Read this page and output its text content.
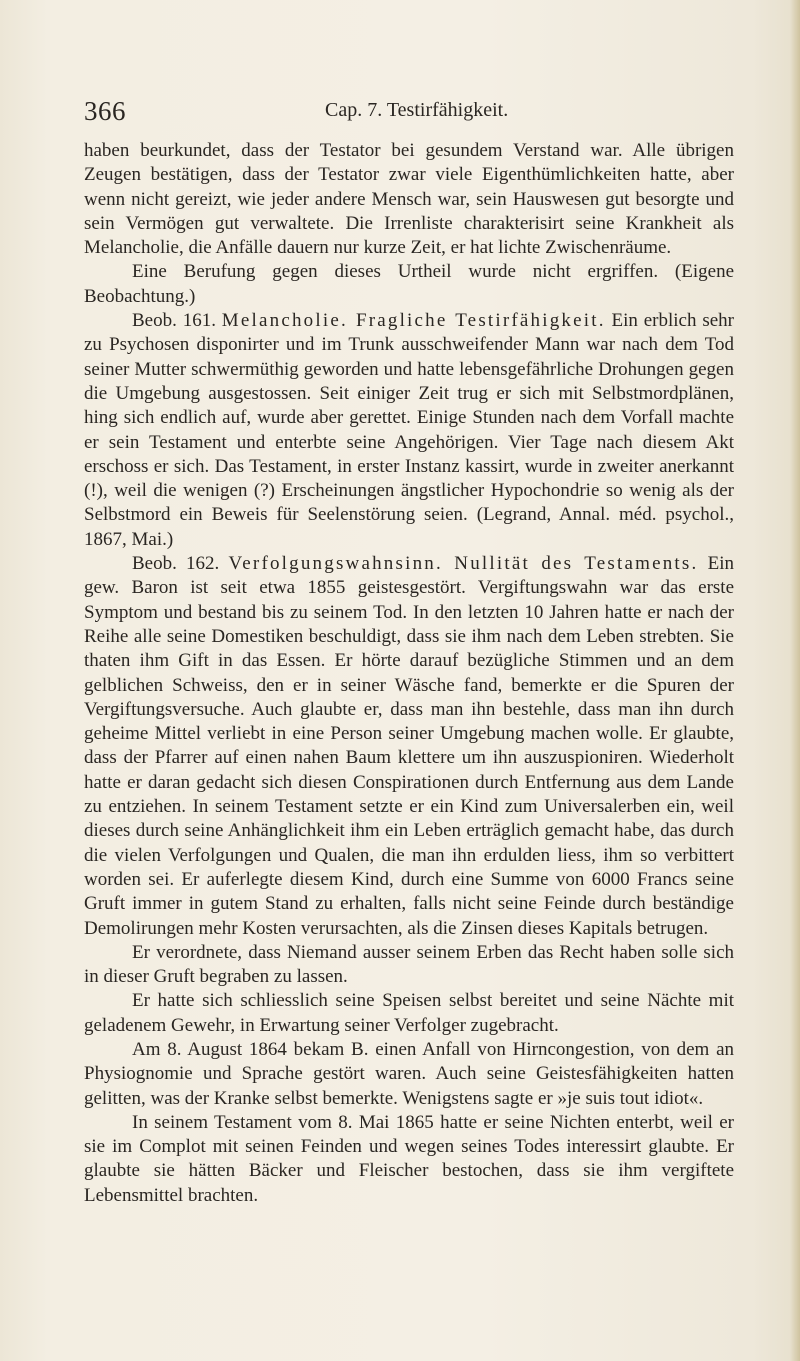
366	Cap. 7. Testirfähigkeit.

haben beurkundet, dass der Testator bei gesundem Verstand war. Alle übrigen Zeugen bestätigen, dass der Testator zwar viele Eigenthümlichkeiten hatte, aber wenn nicht gereizt, wie jeder andere Mensch war, sein Hauswesen gut besorgte und sein Vermögen gut verwaltete. Die Irrenliste charakterisirt seine Krankheit als Melancholie, die Anfälle dauern nur kurze Zeit, er hat lichte Zwischenräume.

Eine Berufung gegen dieses Urtheil wurde nicht ergriffen. (Eigene Beobachtung.)

Beob. 161. Melancholie. Fragliche Testirfähigkeit. Ein erblich sehr zu Psychosen disponirter und im Trunk ausschweifender Mann war nach dem Tod seiner Mutter schwermüthig geworden und hatte lebensgefährliche Drohungen gegen die Umgebung ausgestossen. Seit einiger Zeit trug er sich mit Selbstmordplänen, hing sich endlich auf, wurde aber gerettet. Einige Stunden nach dem Vorfall machte er sein Testament und enterbte seine Angehörigen. Vier Tage nach diesem Akt erschoss er sich. Das Testament, in erster Instanz kassirt, wurde in zweiter anerkannt (!), weil die wenigen (?) Erscheinungen ängstlicher Hypochondrie so wenig als der Selbstmord ein Beweis für Seelenstörung seien. (Legrand, Annal. méd. psychol., 1867, Mai.)

Beob. 162. Verfolgungswahnsinn. Nullität des Testaments. Ein gew. Baron ist seit etwa 1855 geistesgestört. Vergiftungswahn war das erste Symptom und bestand bis zu seinem Tod. In den letzten 10 Jahren hatte er nach der Reihe alle seine Domestiken beschuldigt, dass sie ihm nach dem Leben strebten. Sie thaten ihm Gift in das Essen. Er hörte darauf bezügliche Stimmen und an dem gelblichen Schweiss, den er in seiner Wäsche fand, bemerkte er die Spuren der Vergiftungsversuche. Auch glaubte er, dass man ihn bestehle, dass man ihn durch geheime Mittel verliebt in eine Person seiner Umgebung machen wolle. Er glaubte, dass der Pfarrer auf einen nahen Baum klettere um ihn auszuspioniren. Wiederholt hatte er daran gedacht sich diesen Conspirationen durch Entfernung aus dem Lande zu entziehen. In seinem Testament setzte er ein Kind zum Universalerben ein, weil dieses durch seine Anhänglichkeit ihm ein Leben erträglich gemacht habe, das durch die vielen Verfolgungen und Qualen, die man ihn erdulden liess, ihm so verbittert worden sei. Er auferlegte diesem Kind, durch eine Summe von 6000 Francs seine Gruft immer in gutem Stand zu erhalten, falls nicht seine Feinde durch beständige Demolirungen mehr Kosten verursachten, als die Zinsen dieses Kapitals betrugen.

Er verordnete, dass Niemand ausser seinem Erben das Recht haben solle sich in dieser Gruft begraben zu lassen.

Er hatte sich schliesslich seine Speisen selbst bereitet und seine Nächte mit geladenem Gewehr, in Erwartung seiner Verfolger zugebracht.

Am 8. August 1864 bekam B. einen Anfall von Hirncongestion, von dem an Physiognomie und Sprache gestört waren. Auch seine Geistesfähigkeiten hatten gelitten, was der Kranke selbst bemerkte. Wenigstens sagte er »je suis tout idiot«.

In seinem Testament vom 8. Mai 1865 hatte er seine Nichten enterbt, weil er sie im Complot mit seinen Feinden und wegen seines Todes interessirt glaubte. Er glaubte sie hätten Bäcker und Fleischer bestochen, dass sie ihm vergiftete Lebensmittel brachten.
